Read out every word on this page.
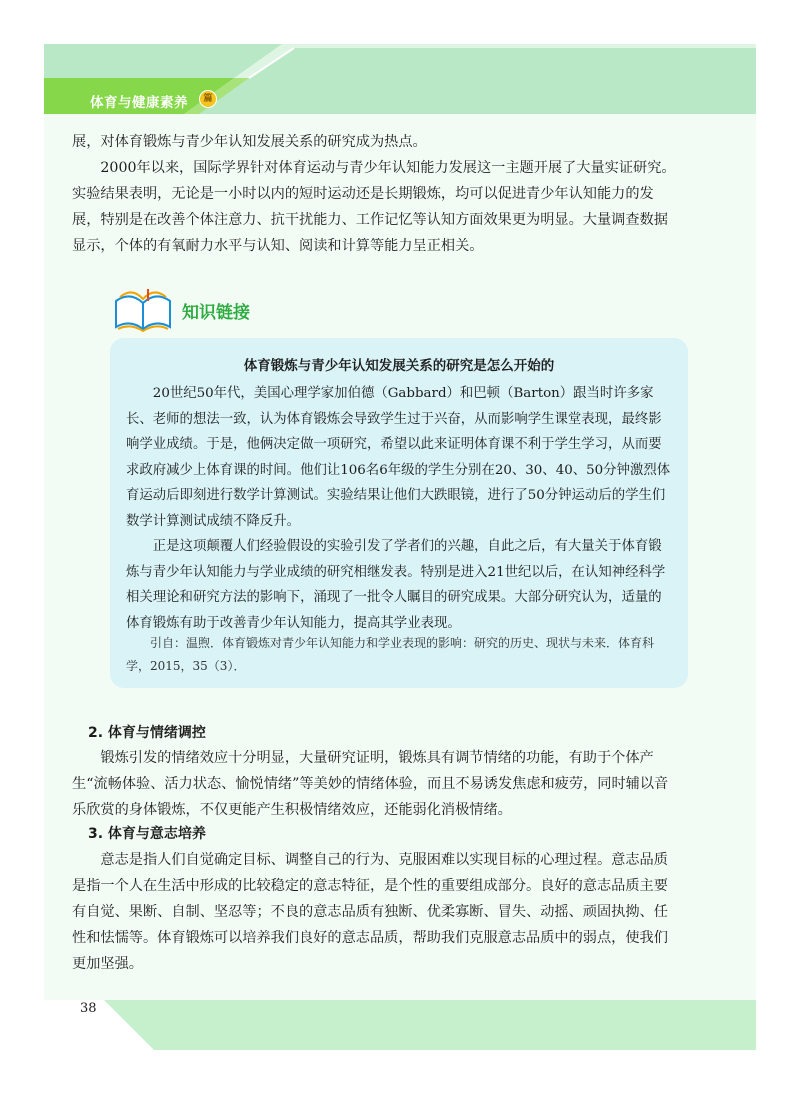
体育与健康素养	篇

展，对体育锻炼与青少年认知发展关系的研究成为热点。

2000年以来，国际学界针对体育运动与青少年认知能力发展这一主题开展了大量实证研究。实验结果表明，无论是一小时以内的短时运动还是长期锻炼，均可以促进青少年认知能力的发展，特别是在改善个体注意力、抗干扰能力、工作记忆等认知方面效果更为明显。大量调查数据显示，个体的有氧耐力水平与认知、阅读和计算等能力呈正相关。

知识链接
体育锻炼与青少年认知发展关系的研究是怎么开始的

20世纪50年代，美国心理学家加伯德（Gabbard）和巴顿（Barton）跟当时许多家长、老师的想法一致，认为体育锻炼会导致学生过于兴奋，从而影响学生课堂表现，最终影响学业成绩。于是，他俩决定做一项研究，希望以此来证明体育课不利于学生学习，从而要求政府减少上体育课的时间。他们让106名6年级的学生分别在20、30、40、50分钟激烈体育运动后即刻进行数学计算测试。实验结果让他们大跌眼镜，进行了50分钟运动后的学生们数学计算测试成绩不降反升。

正是这项颠覆人们经验假设的实验引发了学者们的兴趣，自此之后，有大量关于体育锻炼与青少年认知能力与学业成绩的研究相继发表。特别是进入21世纪以后，在认知神经科学相关理论和研究方法的影响下，涌现了一批令人瞩目的研究成果。大部分研究认为，适量的体育锻炼有助于改善青少年认知能力，提高其学业表现。

引自：温煦．体育锻炼对青少年认知能力和学业表现的影响：研究的历史、现状与未来．体育科学，2015，35（3）．

2. 体育与情绪调控

锻炼引发的情绪效应十分明显，大量研究证明，锻炼具有调节情绪的功能，有助于个体产生“流畅体验、活力状态、愉悦情绪”等美妙的情绪体验，而且不易诱发焦虑和疲劳，同时辅以音乐欣赏的身体锻炼，不仅更能产生积极情绪效应，还能弱化消极情绪。

3. 体育与意志培养

意志是指人们自觉确定目标、调整自己的行为、克服困难以实现目标的心理过程。意志品质是指一个人在生活中形成的比较稳定的意志特征，是个性的重要组成部分。良好的意志品质主要有自觉、果断、自制、坚忍等；不良的意志品质有独断、优柔寡断、冒失、动摇、顽固执拗、任性和怯懦等。体育锻炼可以培养我们良好的意志品质，帮助我们克服意志品质中的弱点，使我们更加坚强。

38
